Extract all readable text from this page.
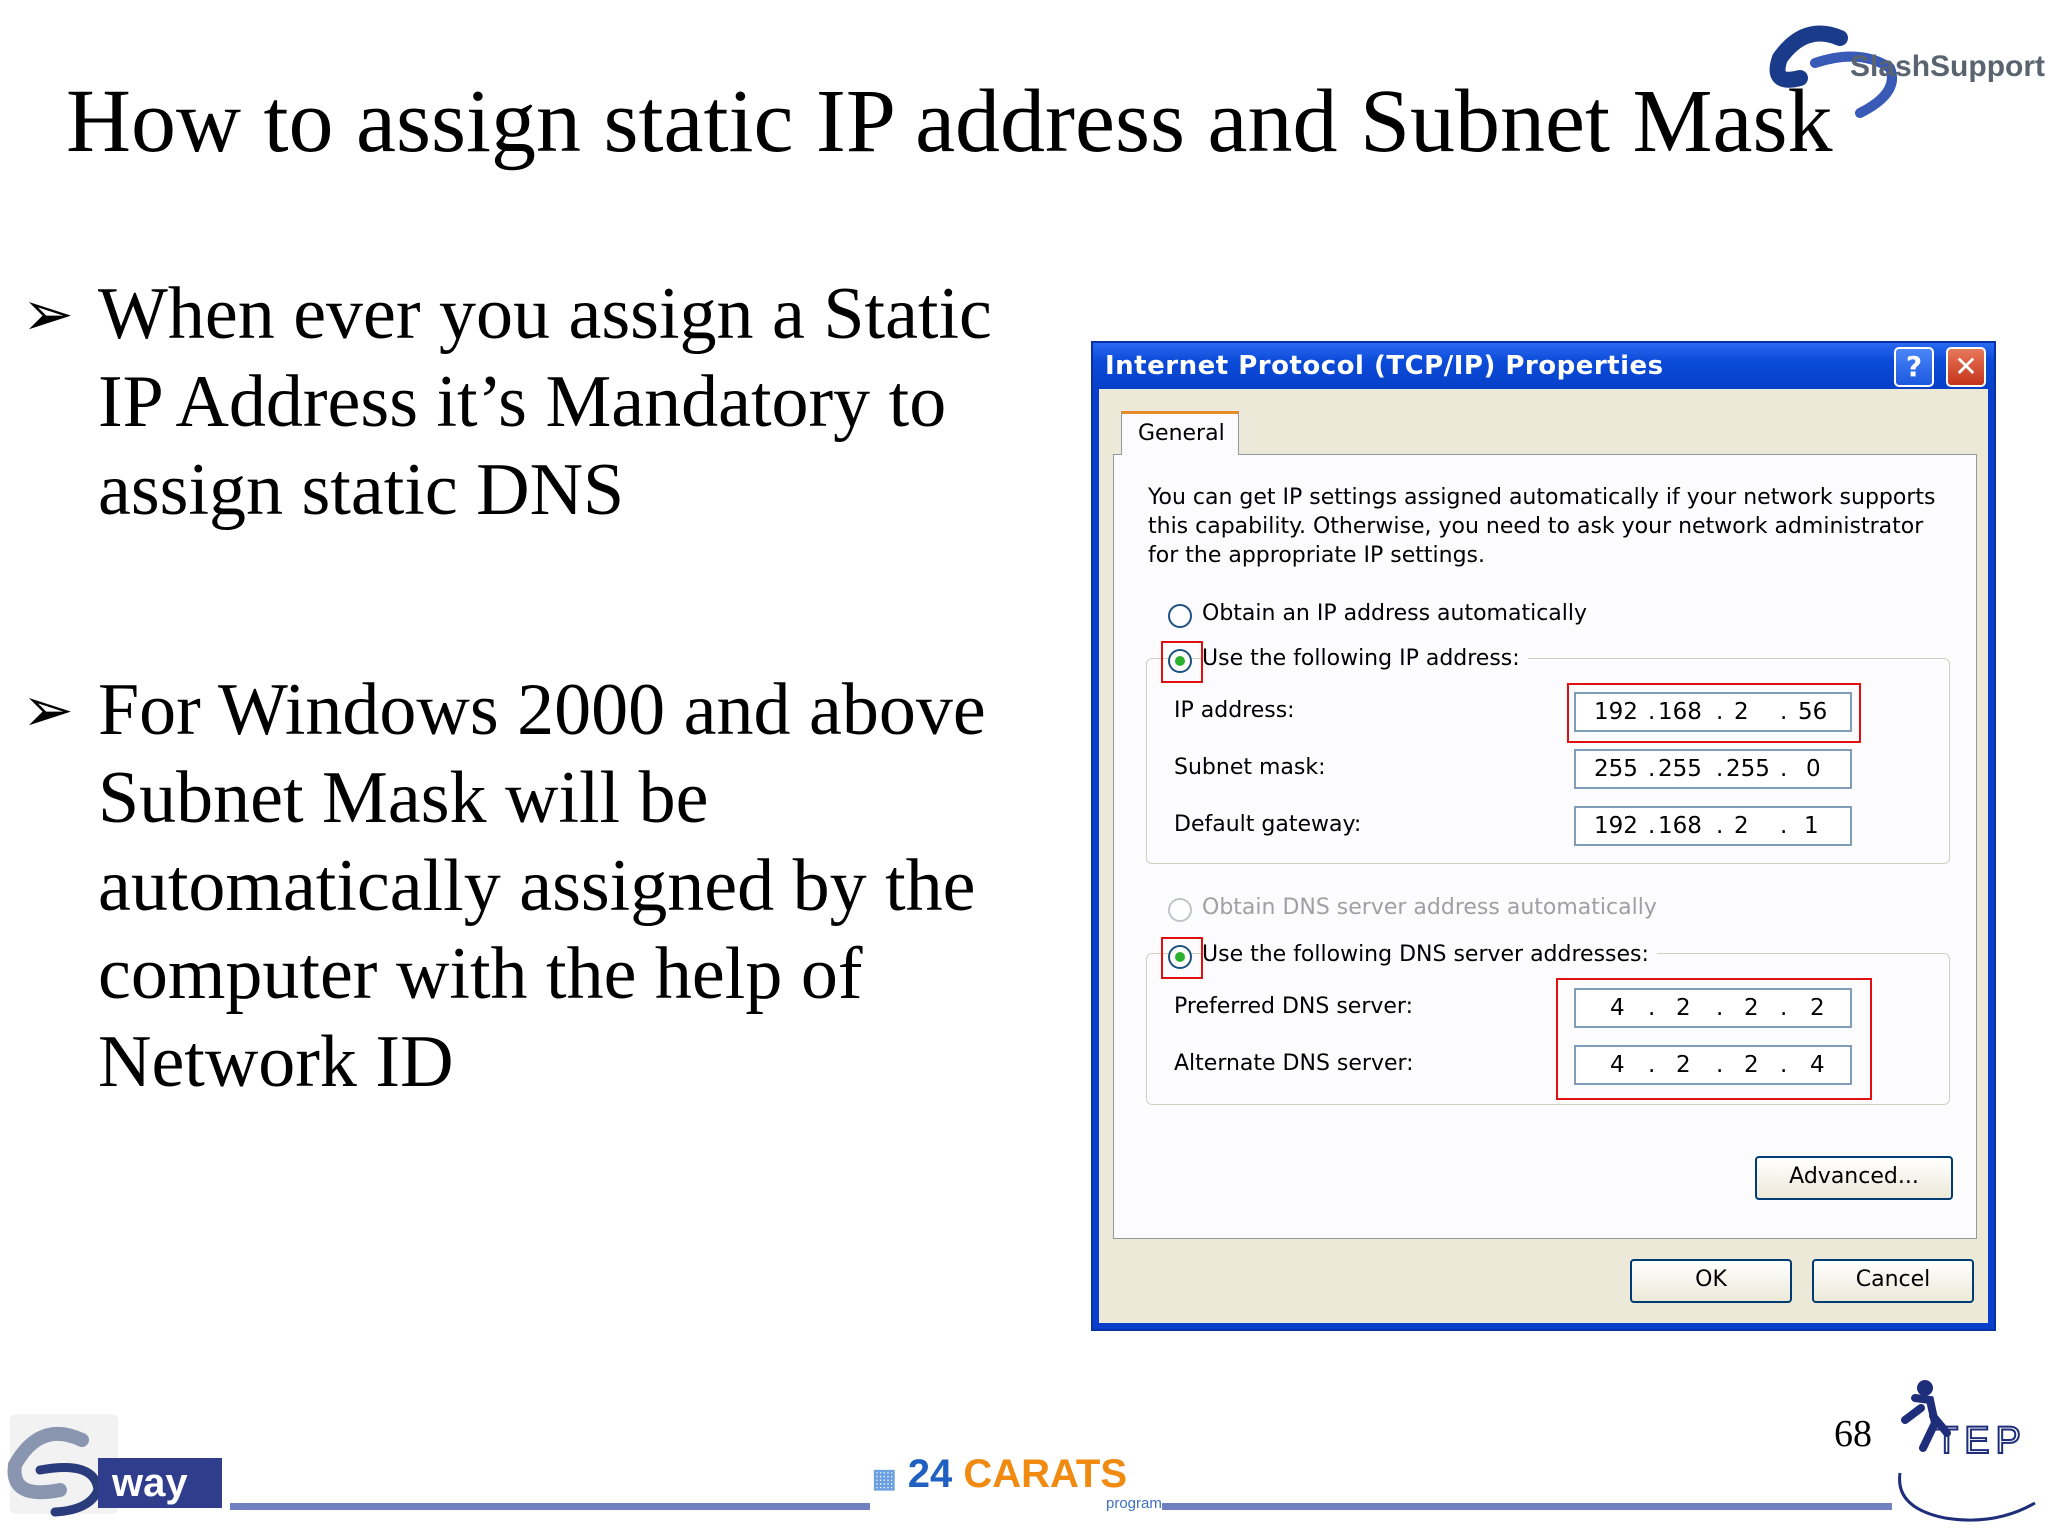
How to assign static IP address and Subnet Mask
SlashSupport
➢ When ever you assign a Static IP Address it’s Mandatory to assign static DNS
➢ For Windows 2000 and above Subnet Mask will be automatically assigned by the computer with the help of Network ID
Internet Protocol (TCP/IP) Properties	?	✕
General
You can get IP settings assigned automatically if your network supports this capability. Otherwise, you need to ask your network administrator for the appropriate IP settings.
Obtain an IP address automatically
Use the following IP address:
IP address:	192 . 168 . 2 . 56
Subnet mask:	255 . 255 . 255 . 0
Default gateway:	192 . 168 . 2 . 1
Obtain DNS server address automatically
Use the following DNS server addresses:
Preferred DNS server:	4 . 2 . 2 . 2
Alternate DNS server:	4 . 2 . 2 . 4
Advanced...
OK	Cancel
68
way	▦ 24 CARATS
program
TEP
